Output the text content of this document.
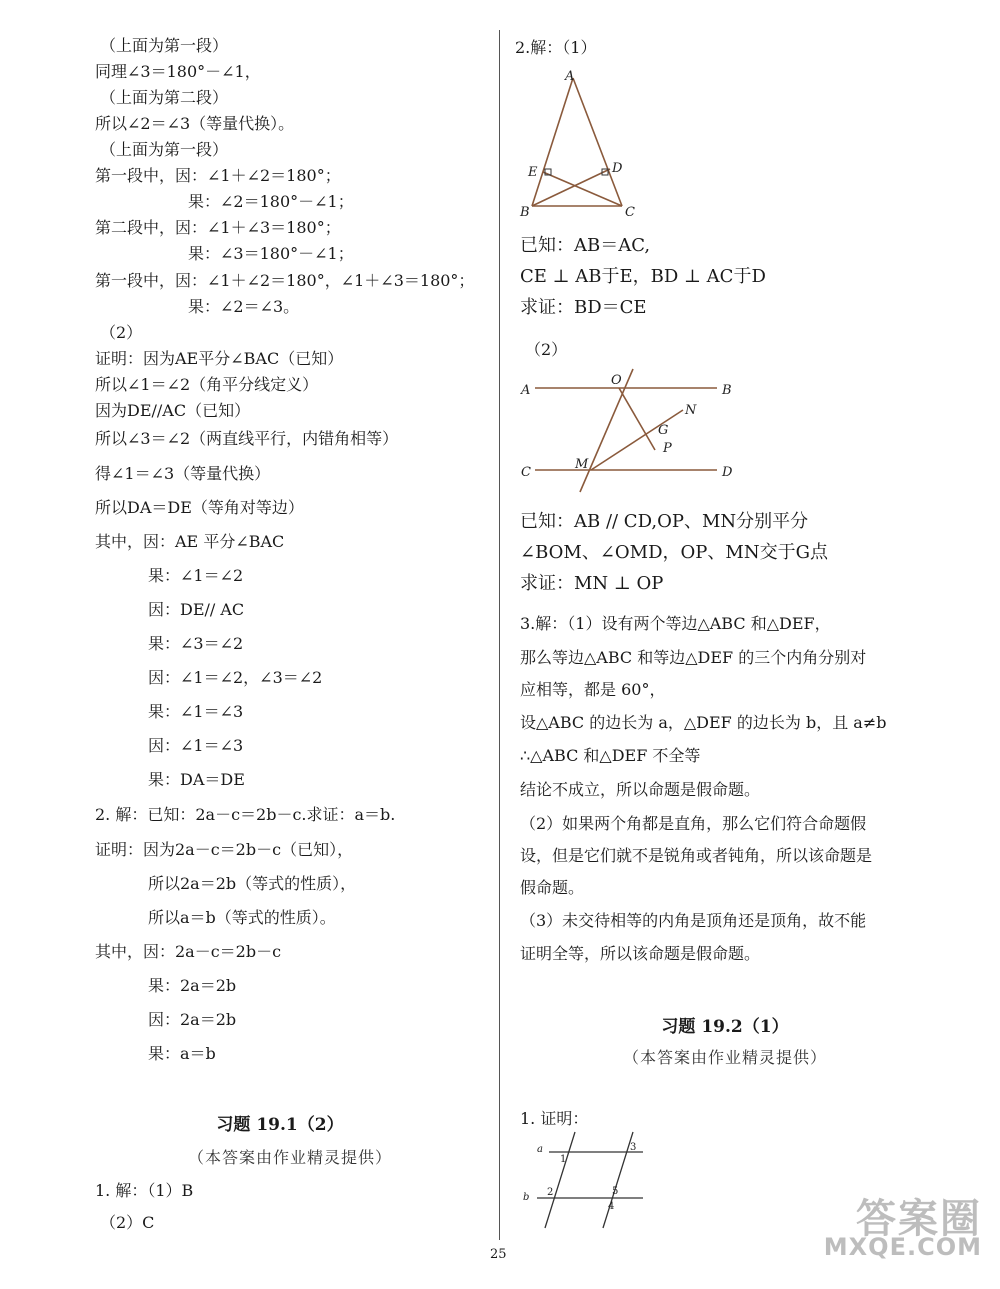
（上面为第一段）
同理∠3＝180°－∠1，
（上面为第二段）
所以∠2＝∠3（等量代换）。
（上面为第一段）
第一段中，因：∠1＋∠2＝180°；
果：∠2＝180°－∠1；
第二段中，因：∠1＋∠3＝180°；
果：∠3＝180°－∠1；
第一段中，因：∠1＋∠2＝180°，∠1＋∠3＝180°；
果：∠2＝∠3。
（2）
证明：因为AE平分∠BAC（已知）
所以∠1＝∠2（角平分线定义）
因为DE//AC（已知）
所以∠3＝∠2（两直线平行，内错角相等）
得∠1＝∠3（等量代换）
所以DA＝DE（等角对等边）
其中，因：AE 平分∠BAC
果：∠1＝∠2
因：DE// AC
果：∠3＝∠2
因：∠1＝∠2，∠3＝∠2
果：∠1＝∠3
因：∠1＝∠3
果：DA＝DE
2. 解：已知：2a－c＝2b－c.求证：a＝b.
证明：因为2a－c＝2b－c（已知），
所以2a＝2b（等式的性质），
所以a＝b（等式的性质）。
其中，因：2a－c＝2b－c
果：2a＝2b
因：2a＝2b
果：a＝b
习题 19.1（2）
（本答案由作业精灵提供）
1. 解：（1）B
（2）C
2.解：（1）
A
E	D
B	C
已知：AB＝AC,
CE ⊥ AB于E，BD ⊥ AC于D
求证：BD＝CE
（2）
A
O
B
N
G
P
C
M
D
已知：AB // CD,OP、MN分别平分
∠BOM、∠OMD，OP、MN交于G点
求证：MN ⊥ OP
3.解：（1）设有两个等边△ABC 和△DEF，
那么等边△ABC 和等边△DEF 的三个内角分别对
应相等，都是 60°，
设△ABC 的边长为 a，△DEF 的边长为 b，且 a≠b
∴△ABC 和△DEF 不全等
结论不成立，所以命题是假命题。
（2）如果两个角都是直角，那么它们符合命题假
设，但是它们就不是锐角或者钝角，所以该命题是
假命题。
（3）未交待相等的内角是顶角还是顶角，故不能
证明全等，所以该命题是假命题。
习题 19.2（1）
（本答案由作业精灵提供）
1. 证明：
a
1
3
b 2	5
4
25
答案圈
MXQE.COM
